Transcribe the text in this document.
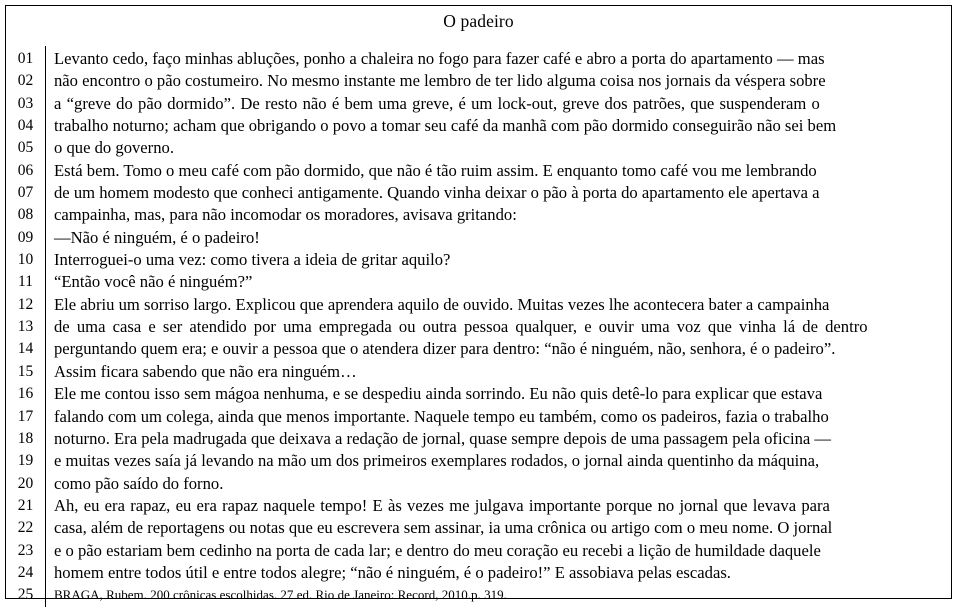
O padeiro
01
02
03
04
05
06
07
08
09
10
11
12
13
14
15
16
17
18
19
20
21
22
23
24
25
Levanto cedo, faço minhas abluções, ponho a chaleira no fogo para fazer café e abro a porta do apartamento — mas
não encontro o pão costumeiro. No mesmo instante me lembro de ter lido alguma coisa nos jornais da véspera sobre
a “greve do pão dormido”. De resto não é bem uma greve, é um lock-out, greve dos patrões, que suspenderam o
trabalho noturno; acham que obrigando o povo a tomar seu café da manhã com pão dormido conseguirão não sei bem
o que do governo.
Está bem. Tomo o meu café com pão dormido, que não é tão ruim assim. E enquanto tomo café vou me lembrando
de um homem modesto que conheci antigamente. Quando vinha deixar o pão à porta do apartamento ele apertava a
campainha, mas, para não incomodar os moradores, avisava gritando:
—Não é ninguém, é o padeiro!
Interroguei-o uma vez: como tivera a ideia de gritar aquilo?
“Então você não é ninguém?”
Ele abriu um sorriso largo. Explicou que aprendera aquilo de ouvido. Muitas vezes lhe acontecera bater a campainha
de uma casa e ser atendido por uma empregada ou outra pessoa qualquer, e ouvir uma voz que vinha lá de dentro
perguntando quem era; e ouvir a pessoa que o atendera dizer para dentro: “não é ninguém, não, senhora, é o padeiro”.
Assim ficara sabendo que não era ninguém…
Ele me contou isso sem mágoa nenhuma, e se despediu ainda sorrindo. Eu não quis detê-lo para explicar que estava
falando com um colega, ainda que menos importante. Naquele tempo eu também, como os padeiros, fazia o trabalho
noturno. Era pela madrugada que deixava a redação de jornal, quase sempre depois de uma passagem pela oficina —
e muitas vezes saía já levando na mão um dos primeiros exemplares rodados, o jornal ainda quentinho da máquina,
como pão saído do forno.
Ah, eu era rapaz, eu era rapaz naquele tempo! E às vezes me julgava importante porque no jornal que levava para
casa, além de reportagens ou notas que eu escrevera sem assinar, ia uma crônica ou artigo com o meu nome. O jornal
e o pão estariam bem cedinho na porta de cada lar; e dentro do meu coração eu recebi a lição de humildade daquele
homem entre todos útil e entre todos alegre; “não é ninguém, é o padeiro!” E assobiava pelas escadas.
BRAGA, Rubem. 200 crônicas escolhidas. 27 ed. Rio de Janeiro: Record, 2010.p. 319.
